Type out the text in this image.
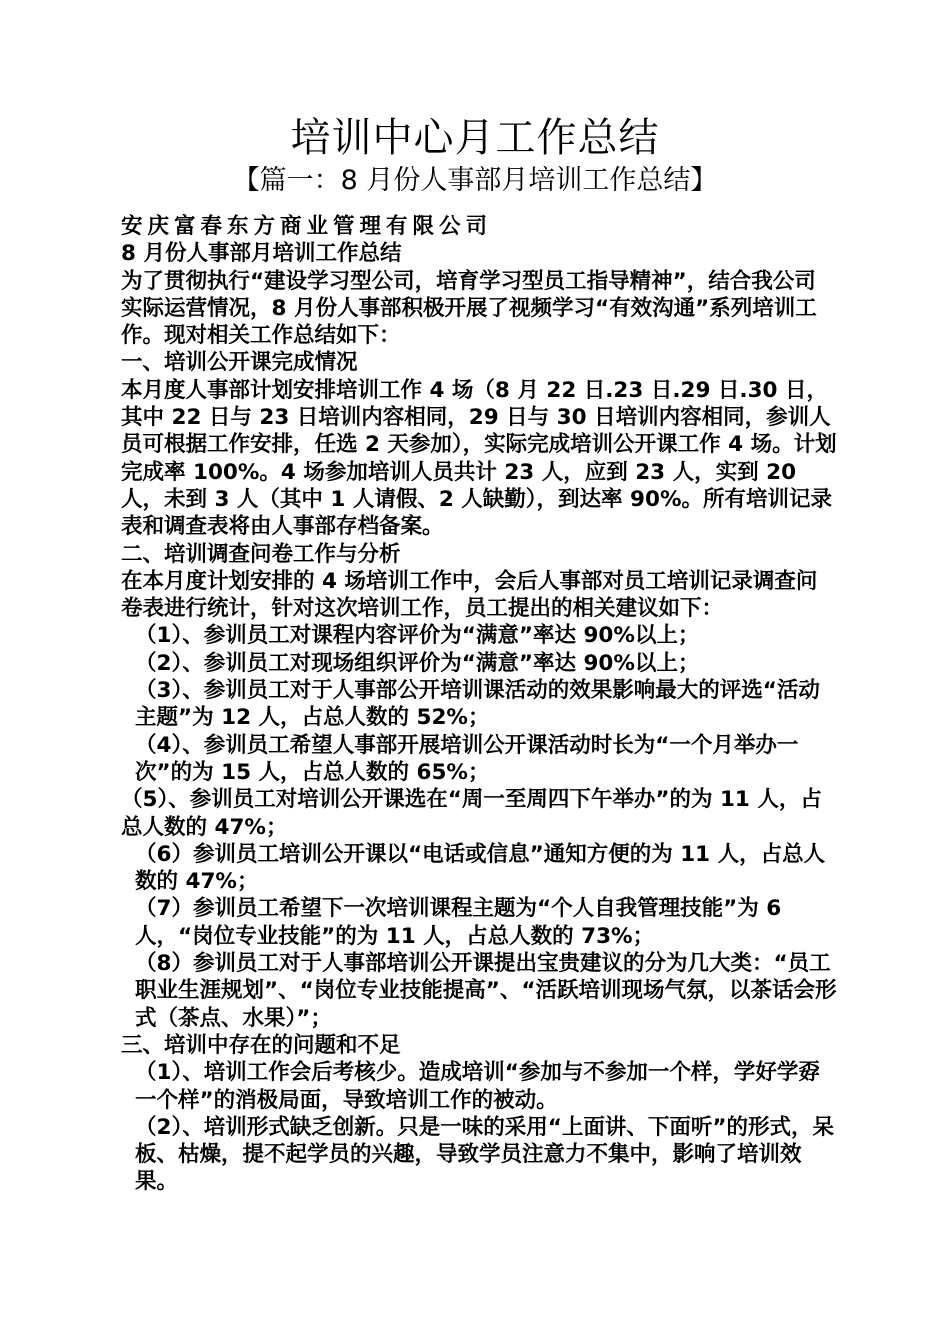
培训中心月工作总结
【篇一：8 月份人事部月培训工作总结】

安庆富春东方商业管理有限公司

8 月份人事部月培训工作总结

为了贯彻执行“建设学习型公司，培育学习型员工指导精神”，结合我公司实际运营情况，8 月份人事部积极开展了视频学习“有效沟通”系列培训工作。现对相关工作总结如下：

一、培训公开课完成情况

本月度人事部计划安排培训工作 4 场（8 月 22 日.23 日.29 日.30 日，其中 22 日与 23 日培训内容相同，29 日与 30 日培训内容相同，参训人员可根据工作安排，任选 2 天参加），实际完成培训公开课工作 4 场。计划完成率 100%。4 场参加培训人员共计 23 人，应到 23 人，实到 20 人，未到 3 人（其中 1 人请假、2 人缺勤），到达率 90%。所有培训记录表和调查表将由人事部存档备案。

二、培训调查问卷工作与分析

在本月度计划安排的 4 场培训工作中，会后人事部对员工培训记录调查问卷表进行统计，针对这次培训工作，员工提出的相关建议如下：

（1）、参训员工对课程内容评价为“满意”率达 90%以上；

（2）、参训员工对现场组织评价为“满意”率达 90%以上；

（3）、参训员工对于人事部公开培训课活动的效果影响最大的评选“活动主题”为 12 人，占总人数的 52%；

（4）、参训员工希望人事部开展培训公开课活动时长为“一个月举办一次”的为 15 人，占总人数的 65%；

（5）、参训员工对培训公开课选在“周一至周四下午举办”的为 11 人，占总人数的 47%；

（6）参训员工培训公开课以“电话或信息”通知方便的为 11 人，占总人数的 47%；

（7）参训员工希望下一次培训课程主题为“个人自我管理技能”为 6 人，“岗位专业技能”的为 11 人，占总人数的 73%；

（8）参训员工对于人事部培训公开课提出宝贵建议的分为几大类：“员工职业生涯规划”、“岗位专业技能提高”、“活跃培训现场气氛，以茶话会形式（茶点、水果）”；

三、培训中存在的问题和不足

（1）、培训工作会后考核少。造成培训“参加与不参加一个样，学好学孬一个样”的消极局面，导致培训工作的被动。

（2）、培训形式缺乏创新。只是一味的采用“上面讲、下面听”的形式，呆板、枯燥，提不起学员的兴趣，导致学员注意力不集中，影响了培训效果。
